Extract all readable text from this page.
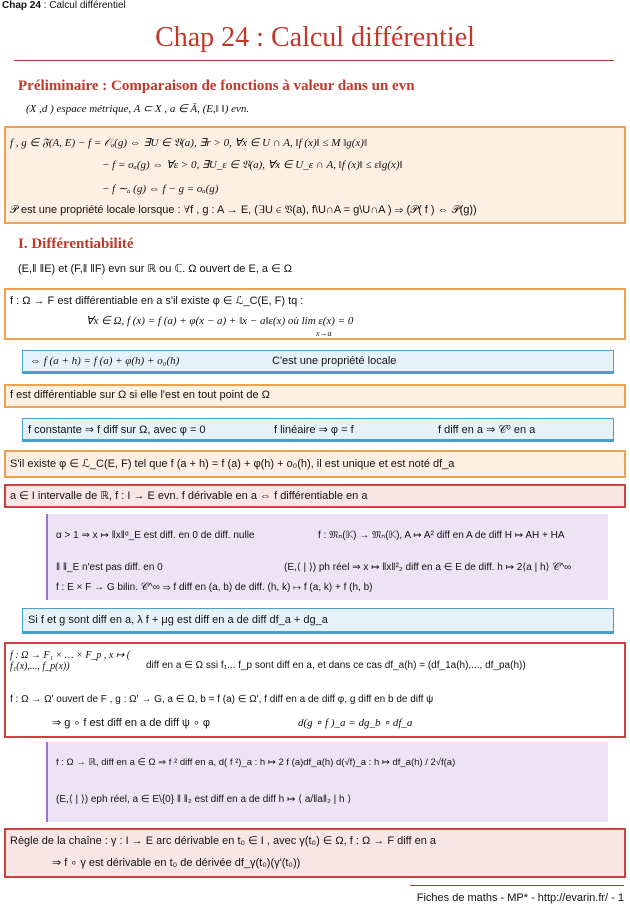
Chap 24 : Calcul différentiel
Chap 24 : Calcul différentiel
Préliminaire : Comparaison de fonctions à valeur dans un evn
(X ,d ) espace métrique, A ⊂ X , a ∈ Ā, (E,‖ ‖) evn.
f , g ∈ 𝔉(A, E) − f = 𝒪ₐ(g) ⇔ ∃U ∈ 𝔙(a), ∃r > 0, ∀x ∈ U ∩ A, ‖f (x)‖ ≤ M ‖g(x)‖
− f = oₐ(g) ⇔ ∀ε > 0, ∃U_ε ∈ 𝔙(a), ∀x ∈ U_ε ∩ A, ‖f (x)‖ ≤ ε‖g(x)‖
− f ∼ₐ (g) ⇔ f − g = oₐ(g)
𝒫 est une propriété locale lorsque : ∀f , g : A → E, (∃U ∈ 𝔙(a), f\U∩A = g\U∩A ) ⇒ (𝒫( f ) ⇔ 𝒫(g))
I. Différentiabilité
(E,‖ ‖E) et (F,‖ ‖F) evn sur ℝ ou ℂ. Ω ouvert de E, a ∈ Ω
f : Ω → F est différentiable en a s'il existe φ ∈ ℒ_C(E, F) tq :
∀x ∈ Ω, f (x) = f (a) + φ(x − a) + ‖x − a‖ε(x) où lim ε(x) = 0
x→a
⇔ f (a + h) = f (a) + φ(h) + o₀(h)	C'est une propriété locale
f est différentiable sur Ω si elle l'est en tout point de Ω
f constante ⇒ f diff sur Ω, avec φ = 0	f linéaire ⇒ φ = f	f diff en a ⇒ 𝒞⁰ en a
S'il existe φ ∈ ℒ_C(E, F) tel que f (a + h) = f (a) + φ(h) + o₀(h), il est unique et est noté df_a
a ∈ I intervalle de ℝ, f : I → E evn. f dérivable en a ⇔ f différentiable en a
α > 1 ⇒ x ↦ ‖x‖ᵅ_E est diff. en 0 de diff. nulle	f : 𝔐ₙ(𝕂) → 𝔐ₙ(𝕂), A ↦ A² diff en A de diff H ↦ AH + HA
‖ ‖_E n'est pas diff. en 0	(E,⟨ | ⟩) ph réel ⇒ x ↦ ‖x‖²₂ diff en a ∈ E de diff. h ↦ 2⟨a | h⟩ 𝒞^∞
f : E × F → G bilin. 𝒞^∞ ⇒ f diff en (a, b) de diff. (h, k) ↦ f (a, k) + f (h, b)
Si f et g sont diff en a, λ f + μg est diff en a de diff df_a + dg_a
f : Ω → F₁ × … × F_p , x ↦ ( f₁(x),..., f_p(x))	diff en a ∈ Ω ssi f₁... f_p sont diff en a, et dans ce cas df_a(h) = (df_1a(h),..., df_pa(h))
f : Ω → Ω' ouvert de F , g : Ω' → G, a ∈ Ω, b = f (a) ∈ Ω', f diff en a de diff φ, g diff en b de diff ψ
⇒ g ∘ f est diff en a de diff ψ ∘ φ	d(g ∘ f )_a = dg_b ∘ df_a
f : Ω → ℝ, diff en a ∈ Ω ⇒ f ² diff en a, d( f ²)_a : h ↦ 2 f (a)df_a(h) d(√f)_a : h ↦ df_a(h) / 2√f(a)
(E,⟨ | ⟩) eph réel, a ∈ E\{0} ‖ ‖₂ est diff en a de diff h ↦ ⟨ a/‖a‖₂ | h ⟩
Règle de la chaîne : γ : I → E arc dérivable en t₀ ∈ I , avec γ(t₀) ∈ Ω, f : Ω → F diff en a
⇒ f ∘ γ est dérivable en t₀ de dérivée df_γ(t₀)(γ'(t₀))
Fiches de maths - MP* - http://evarin.fr/ - 1
